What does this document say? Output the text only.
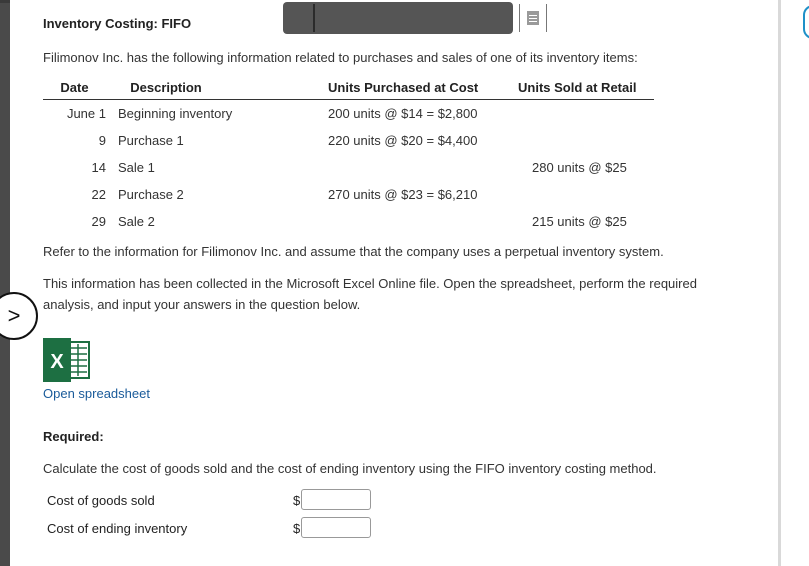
Inventory Costing: FIFO
Filimonov Inc. has the following information related to purchases and sales of one of its inventory items:
Date	Description	Units Purchased at Cost	Units Sold at Retail
June 1	Beginning inventory	200 units @ $14 = $2,800	
9	Purchase 1	220 units @ $20 = $4,400	
14	Sale 1		280 units @ $25
22	Purchase 2	270 units @ $23 = $6,210	
29	Sale 2		215 units @ $25
Refer to the information for Filimonov Inc. and assume that the company uses a perpetual inventory system.
This information has been collected in the Microsoft Excel Online file. Open the spreadsheet, perform the required analysis, and input your answers in the question below.
>
X
Open spreadsheet
Required:
Calculate the cost of goods sold and the cost of ending inventory using the FIFO inventory costing method.
Cost of goods sold	$
Cost of ending inventory	$
